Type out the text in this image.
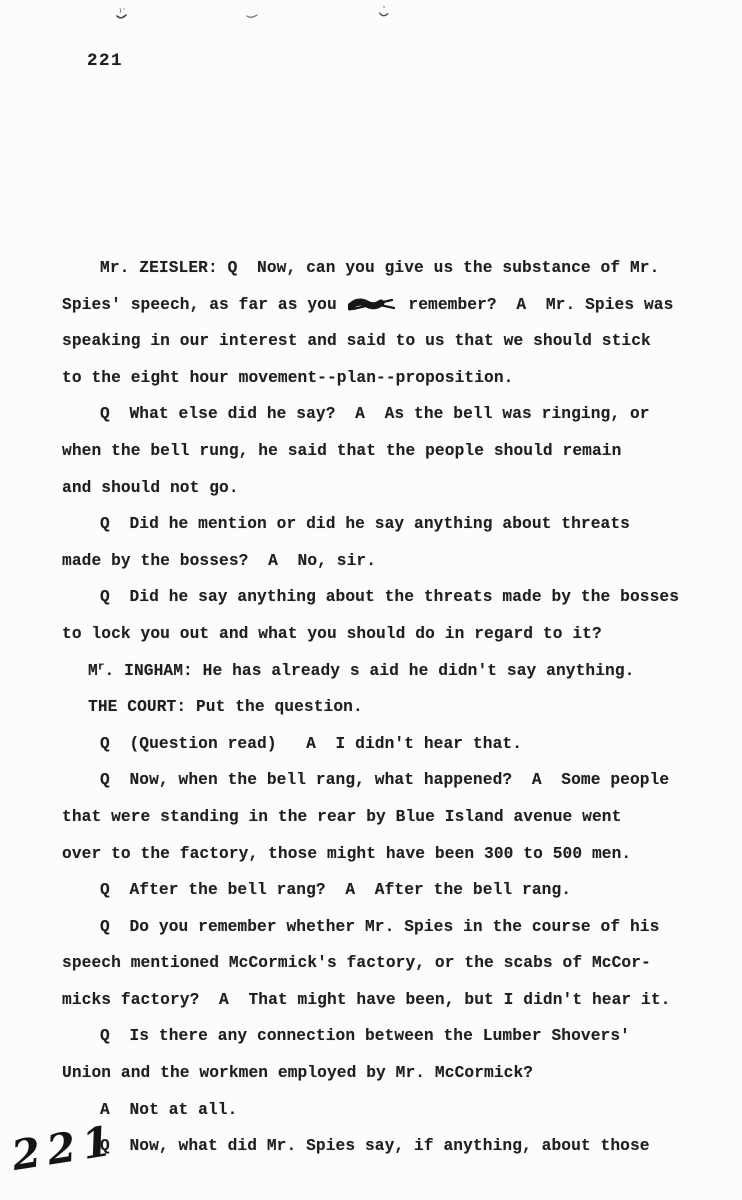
221
Mr. ZEISLER: Q  Now, can you give us the substance of Mr.
Spies' speech, as far as you	remember?  A  Mr. Spies was
speaking in our interest and said to us that we should stick
to the eight hour movement--plan--proposition.
Q  What else did he say?  A  As the bell was ringing, or
when the bell rung, he said that the people should remain
and should not go.
Q  Did he mention or did he say anything about threats
made by the bosses?  A  No, sir.
Q  Did he say anything about the threats made by the bosses
to lock you out and what you should do in regard to it?
$M^r$. INGHAM: He has already s aid he didn't say anything.
THE COURT: Put the question.
Q  (Question read)   A  I didn't hear that.
Q  Now, when the bell rang, what happened?  A  Some people
that were standing in the rear by Blue Island avenue went
over to the factory, those might have been 300 to 500 men.
Q  After the bell rang?  A  After the bell rang.
Q  Do you remember whether Mr. Spies in the course of his
speech mentioned McCormick's factory, or the scabs of McCor-
micks factory?  A  That might have been, but I didn't hear it.
Q  Is there any connection between the Lumber Shovers'
Union and the workmen employed by Mr. McCormick?
A  Not at all.
Q  Now, what did Mr. Spies say, if anything, about those
221
